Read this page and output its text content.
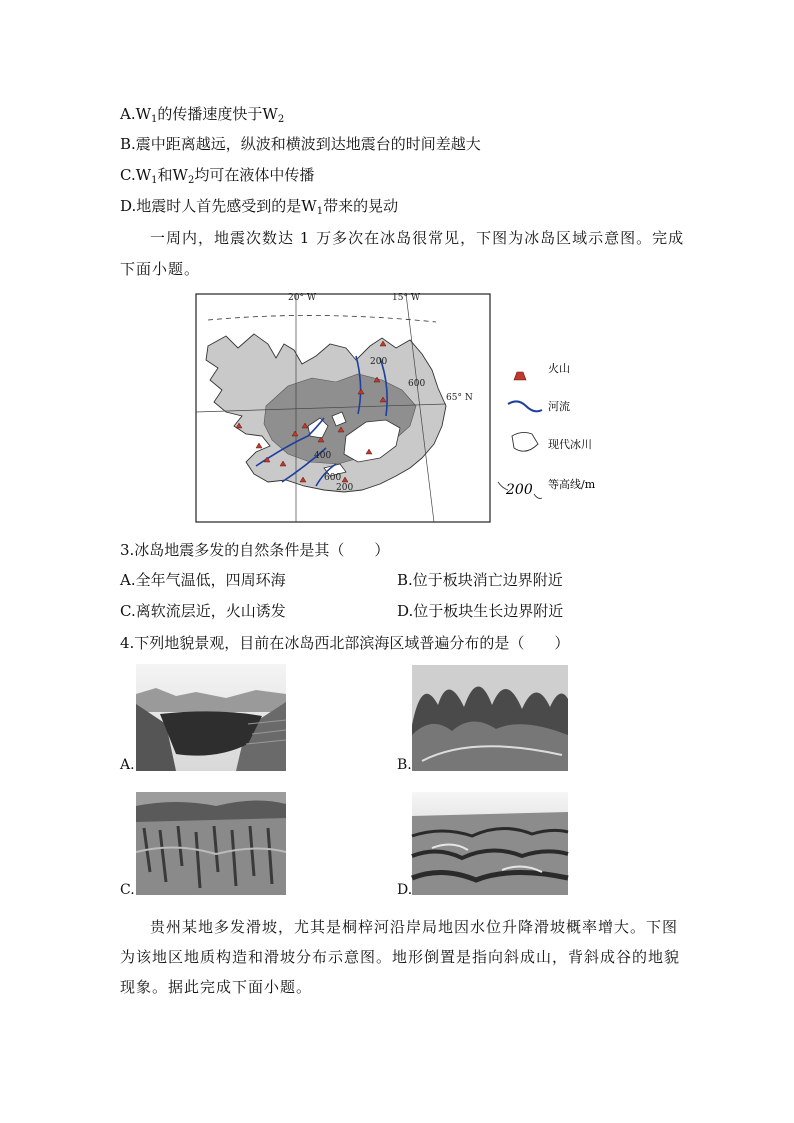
$A.W_1$的传播速度快于$W_2$
B.震中距离越远，纵波和横波到达地震台的时间差越大
$C.W_1$和$W_2$均可在液体中传播
D.地震时人首先感受到的是$W_1$带来的晃动
一周内，地震次数达 1 万多次在冰岛很常见，下图为冰岛区域示意图。完成
下面小题。
20° W	15° W
65° N
200
600
400
600
200
火山
河流
现代冰川
200 等高线/m
3.冰岛地震多发的自然条件是其（　　）
A.全年气温低，四周环海	B.位于板块消亡边界附近
C.离软流层近，火山诱发	D.位于板块生长边界附近
4.下列地貌景观，目前在冰岛西北部滨海区域普遍分布的是（　　）
A.	B.
C.	D.
贵州某地多发滑坡，尤其是桐梓河沿岸局地因水位升降滑坡概率增大。下图
为该地区地质构造和滑坡分布示意图。地形倒置是指向斜成山，背斜成谷的地貌
现象。据此完成下面小题。
